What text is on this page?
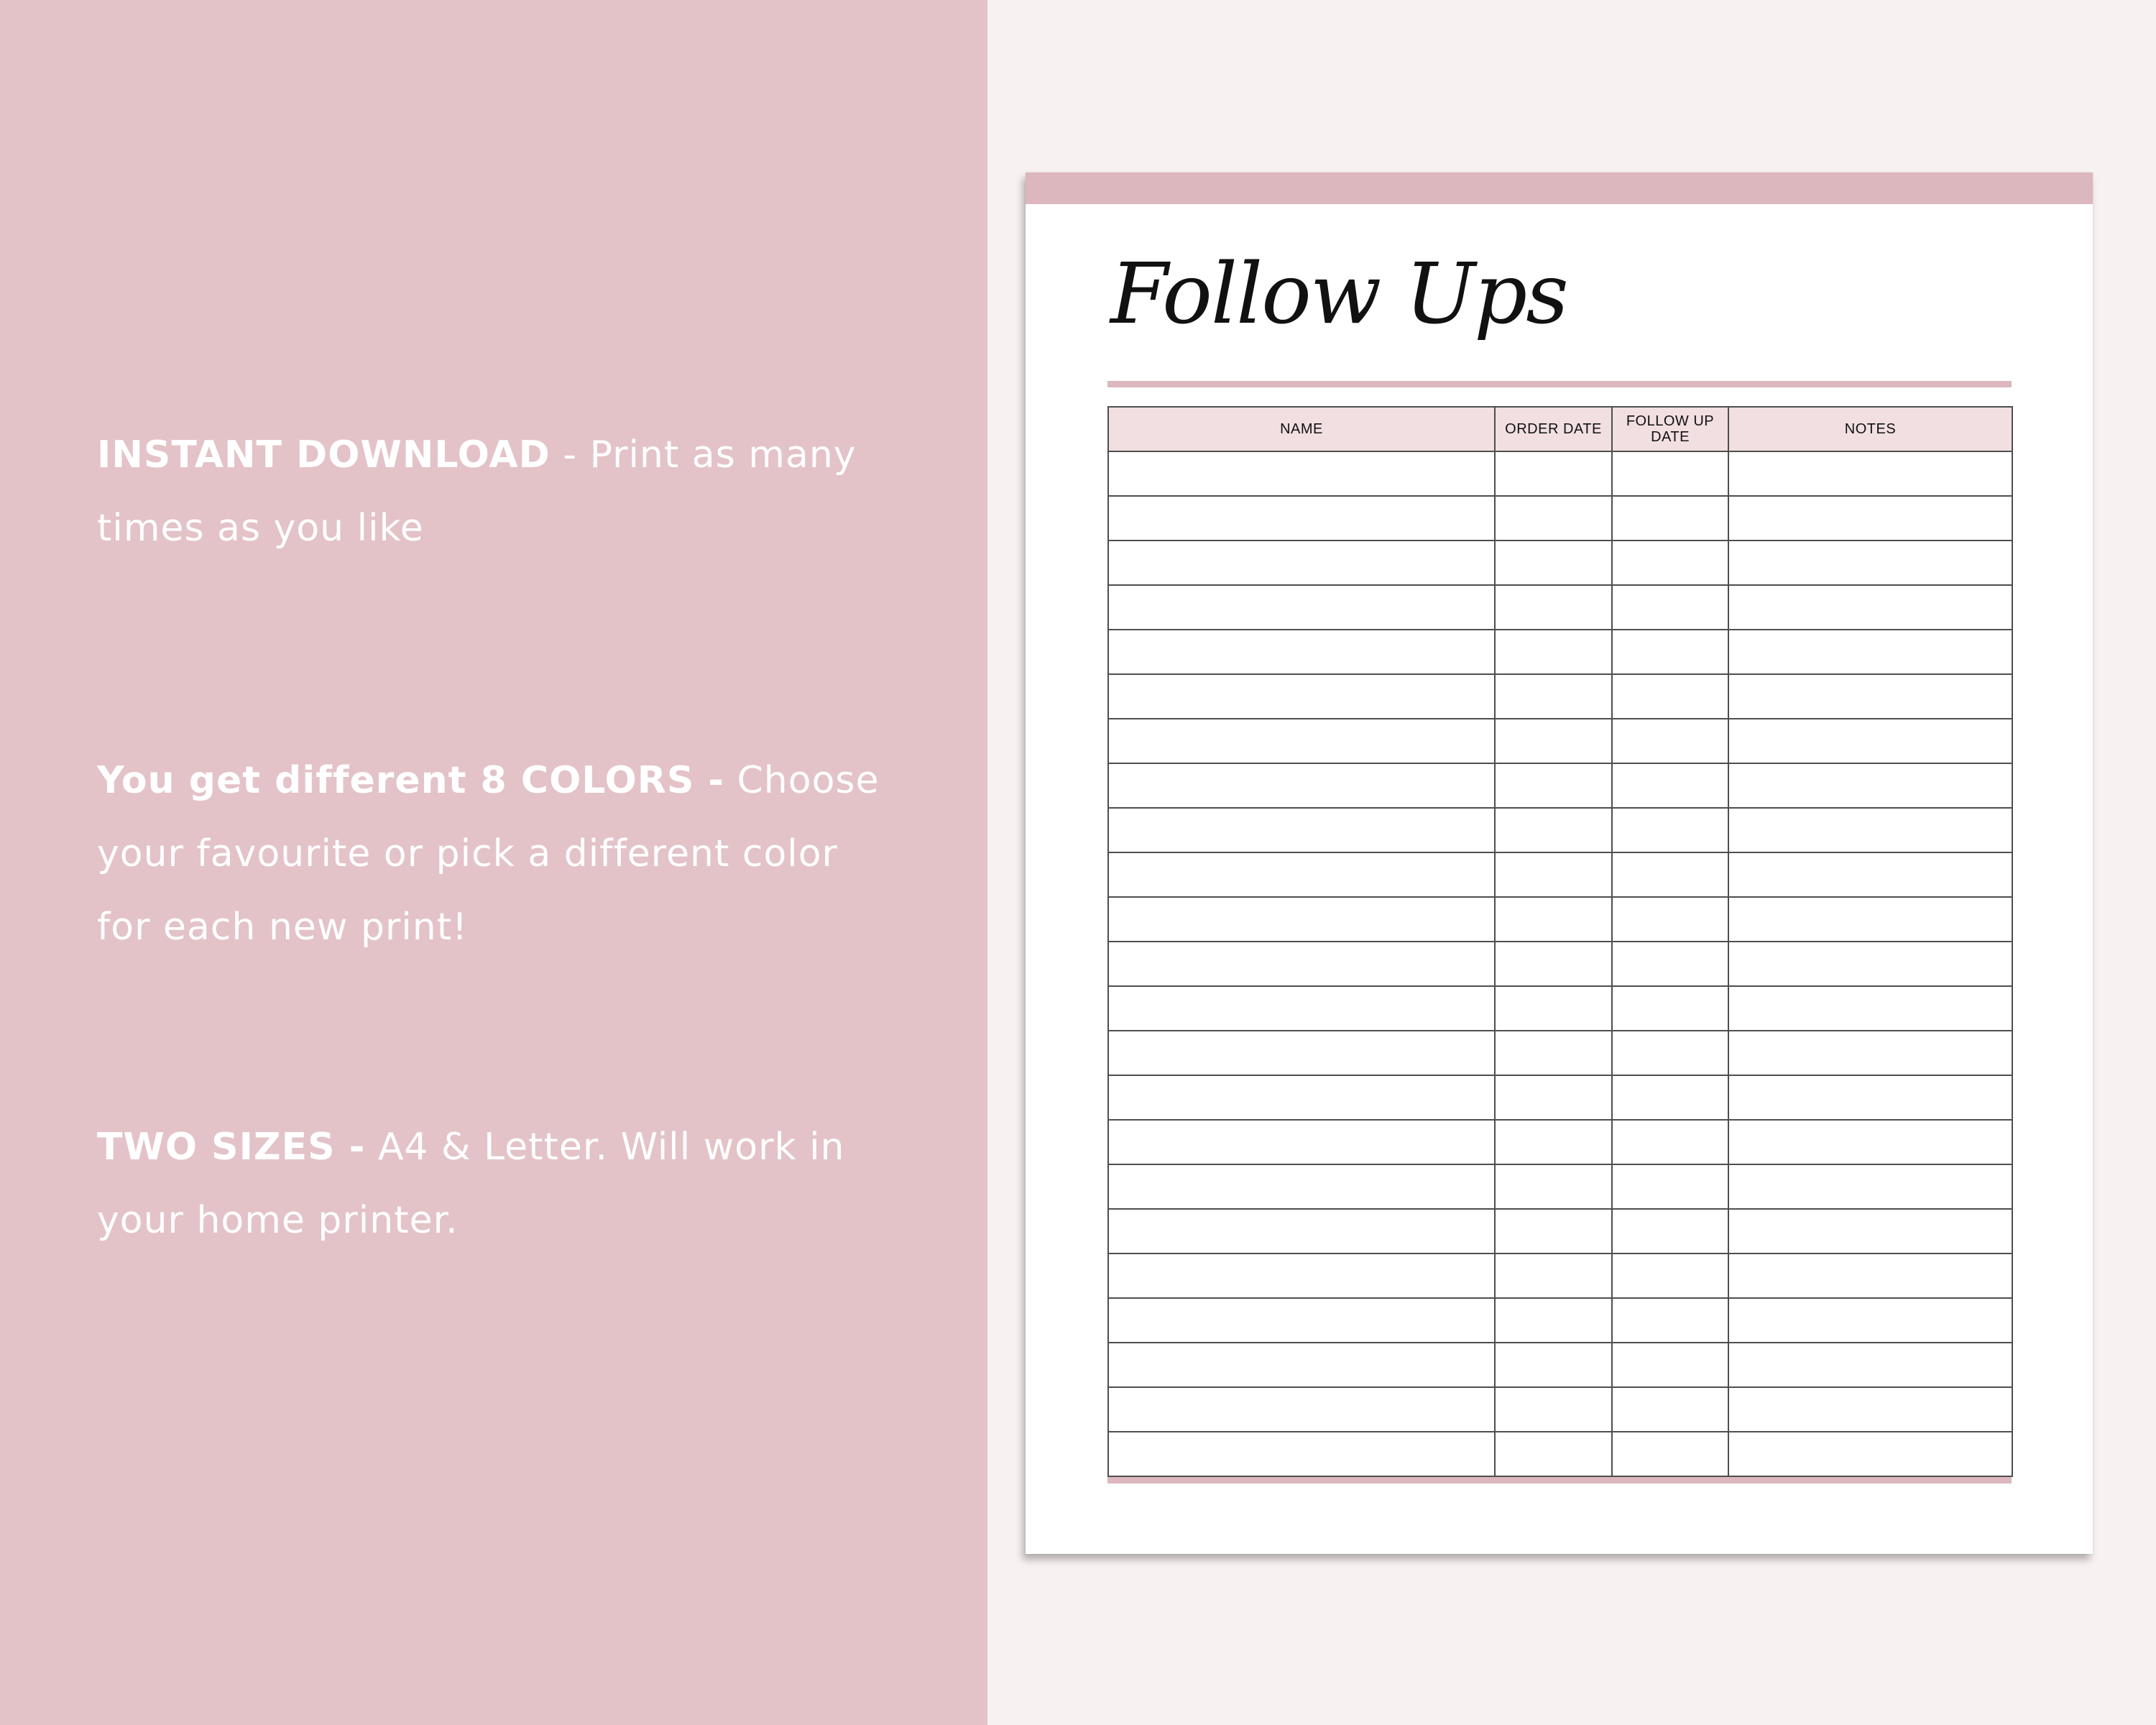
INSTANT DOWNLOAD - Print as many times as you like
You get different 8 COLORS - Choose your favourite or pick a different color for each new print!
TWO SIZES - A4 & Letter. Will work in your home printer.
Follow Ups
NAME	ORDER DATE	FOLLOW UP DATE	NOTES
